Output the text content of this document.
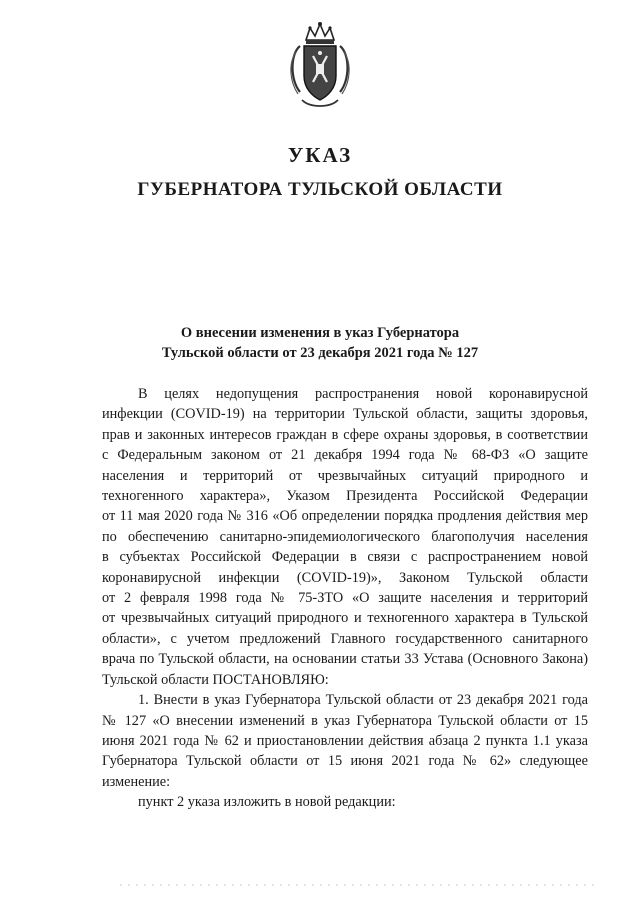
УКАЗ
ГУБЕРНАТОРА ТУЛЬСКОЙ ОБЛАСТИ
О внесении изменения в указ Губернатора
Тульской области от 23 декабря 2021 года № 127
В целях недопущения распространения новой коронавирусной
инфекции (COVID-19) на территории Тульской области, защиты здоровья,
прав и законных интересов граждан в сфере охраны здоровья, в соответствии
с Федеральным законом от 21 декабря 1994 года № 68-ФЗ «О защите
населения и территорий от чрезвычайных ситуаций природного и
техногенного характера», Указом Президента Российской Федерации
от 11 мая 2020 года № 316 «Об определении порядка продления действия мер
по обеспечению санитарно-эпидемиологического благополучия населения
в субъектах Российской Федерации в связи с распространением новой
коронавирусной инфекции (COVID-19)», Законом Тульской области
от 2 февраля 1998 года № 75-ЗТО «О защите населения и территорий
от чрезвычайных ситуаций природного и техногенного характера в Тульской
области», с учетом предложений Главного государственного санитарного
врача по Тульской области, на основании статьи 33 Устава (Основного Закона)
Тульской области ПОСТАНОВЛЯЮ:
1. Внести в указ Губернатора Тульской области от 23 декабря 2021 года
№ 127 «О внесении изменений в указ Губернатора Тульской области от 15
июня 2021 года № 62 и приостановлении действия абзаца 2 пункта 1.1 указа
Губернатора Тульской области от 15 июня 2021 года № 62» следующее
изменение:
пункт 2 указа изложить в новой редакции:
